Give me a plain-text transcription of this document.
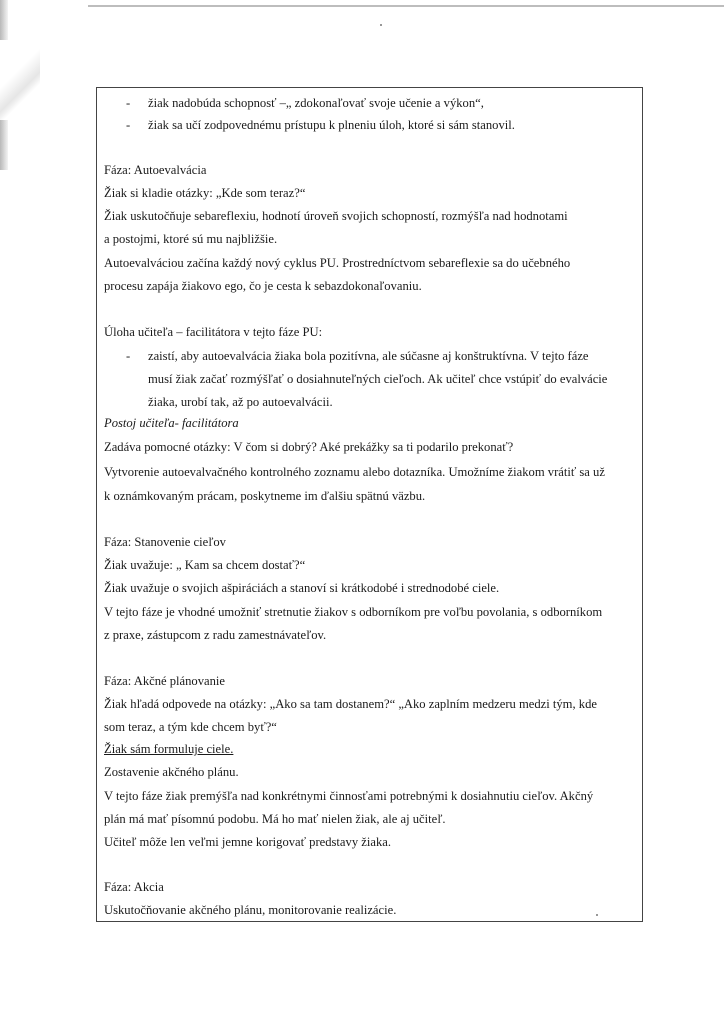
- žiak nadobúda schopnosť –„ zdokonaľovať svoje učenie a výkon“,
- žiak sa učí zodpovednému prístupu k plneniu úloh, ktoré si sám stanovil.
Fáza: Autoevalvácia
Žiak si kladie otázky: „Kde som teraz?“
Žiak uskutočňuje sebareflexiu, hodnotí úroveň svojich schopností, rozmýšľa nad hodnotami
a postojmi, ktoré sú mu najbližšie.
Autoevalváciou začína každý nový cyklus PU. Prostredníctvom sebareflexie sa do učebného
procesu zapája žiakovo ego, čo je cesta k sebazdokonaľovaniu.
Úloha učiteľa – facilitátora v tejto fáze PU:
- zaistí, aby autoevalvácia žiaka bola pozitívna, ale súčasne aj konštruktívna. V tejto fáze
musí žiak začať rozmýšľať o dosiahnuteľných cieľoch. Ak učiteľ chce vstúpiť do evalvácie
žiaka, urobí tak, až po autoevalvácii.
Postoj učiteľa- facilitátora
Zadáva pomocné otázky: V čom si dobrý? Aké prekážky sa ti podarilo prekonať?
Vytvorenie autoevalvačného kontrolného zoznamu alebo dotazníka. Umožníme žiakom vrátiť sa už
k oznámkovaným prácam, poskytneme im ďalšiu spätnú väzbu.
Fáza: Stanovenie cieľov
Žiak uvažuje: „ Kam sa chcem dostať?“
Žiak uvažuje o svojich ašpiráciách a stanoví si krátkodobé i strednodobé ciele.
V tejto fáze je vhodné umožniť stretnutie žiakov s odborníkom pre voľbu povolania, s odborníkom
z praxe, zástupcom z radu zamestnávateľov.
Fáza: Akčné plánovanie
Žiak hľadá odpovede na otázky: „Ako sa tam dostanem?“ „Ako zaplním medzeru medzi tým, kde
som teraz, a tým kde chcem byť?“
Žiak sám formuluje ciele.
Zostavenie akčného plánu.
V tejto fáze žiak premýšľa nad konkrétnymi činnosťami potrebnými k dosiahnutiu cieľov. Akčný
plán má mať písomnú podobu. Má ho mať nielen žiak, ale aj učiteľ.
Učiteľ môže len veľmi jemne korigovať predstavy žiaka.
Fáza: Akcia
Uskutočňovanie akčného plánu, monitorovanie realizácie.
